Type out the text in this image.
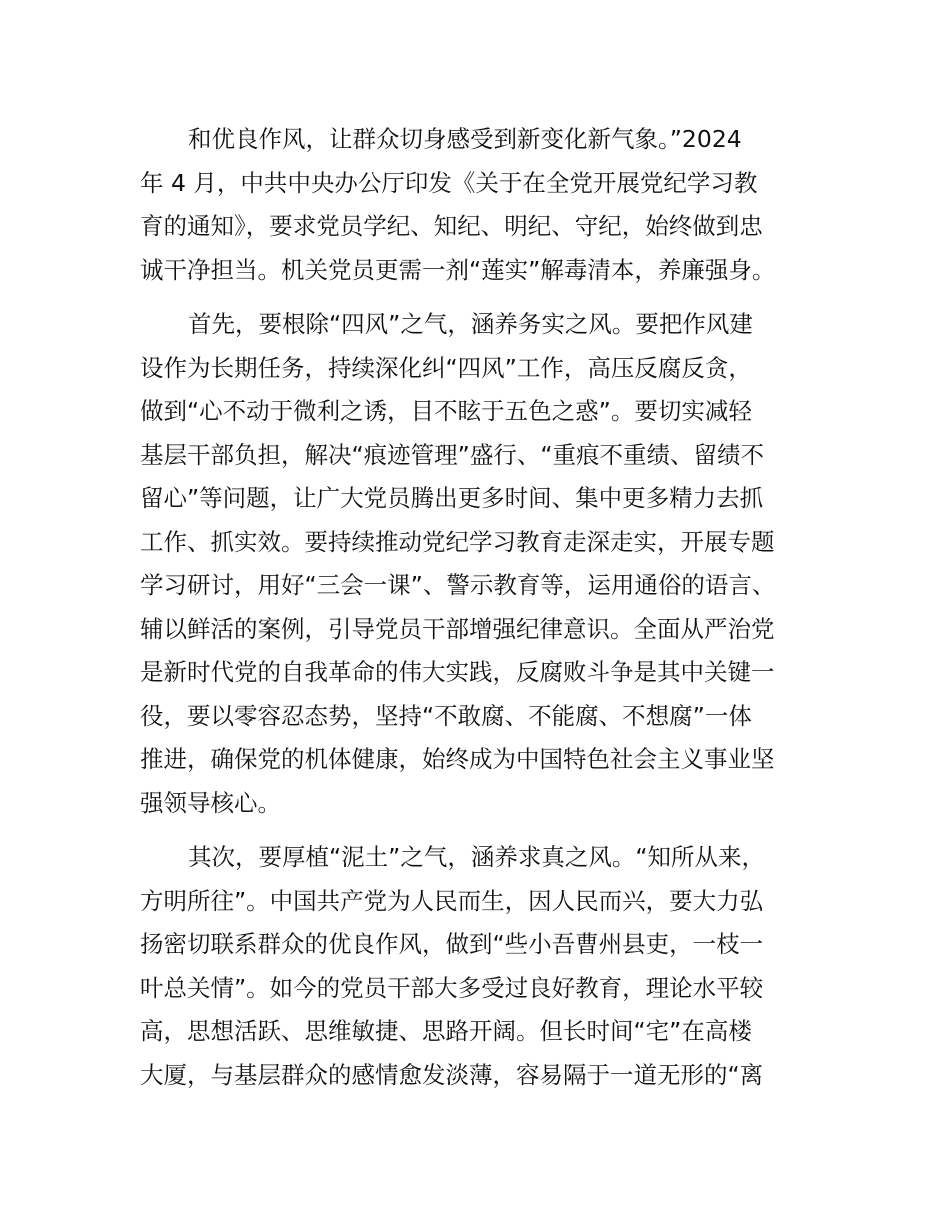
和优良作风，让群众切身感受到新变化新气象。”2024
年 4 月，中共中央办公厅印发《关于在全党开展党纪学习教
育的通知》，要求党员学纪、知纪、明纪、守纪，始终做到忠
诚干净担当。机关党员更需一剂“莲实”解毒清本，养廉强身。

首先，要根除“四风”之气，涵养务实之风。要把作风建
设作为长期任务，持续深化纠“四风”工作，高压反腐反贪，
做到“心不动于微利之诱，目不眩于五色之惑”。要切实减轻
基层干部负担，解决“痕迹管理”盛行、“重痕不重绩、留绩不
留心”等问题，让广大党员腾出更多时间、集中更多精力去抓
工作、抓实效。要持续推动党纪学习教育走深走实，开展专题
学习研讨，用好“三会一课”、警示教育等，运用通俗的语言、
辅以鲜活的案例，引导党员干部增强纪律意识。全面从严治党
是新时代党的自我革命的伟大实践，反腐败斗争是其中关键一
役，要以零容忍态势，坚持“不敢腐、不能腐、不想腐”一体
推进，确保党的机体健康，始终成为中国特色社会主义事业坚
强领导核心。

其次，要厚植“泥土”之气，涵养求真之风。“知所从来，
方明所往”。中国共产党为人民而生，因人民而兴，要大力弘
扬密切联系群众的优良作风，做到“些小吾曹州县吏，一枝一
叶总关情”。如今的党员干部大多受过良好教育，理论水平较
高，思想活跃、思维敏捷、思路开阔。但长时间“宅”在高楼
大厦，与基层群众的感情愈发淡薄，容易隔于一道无形的“离
